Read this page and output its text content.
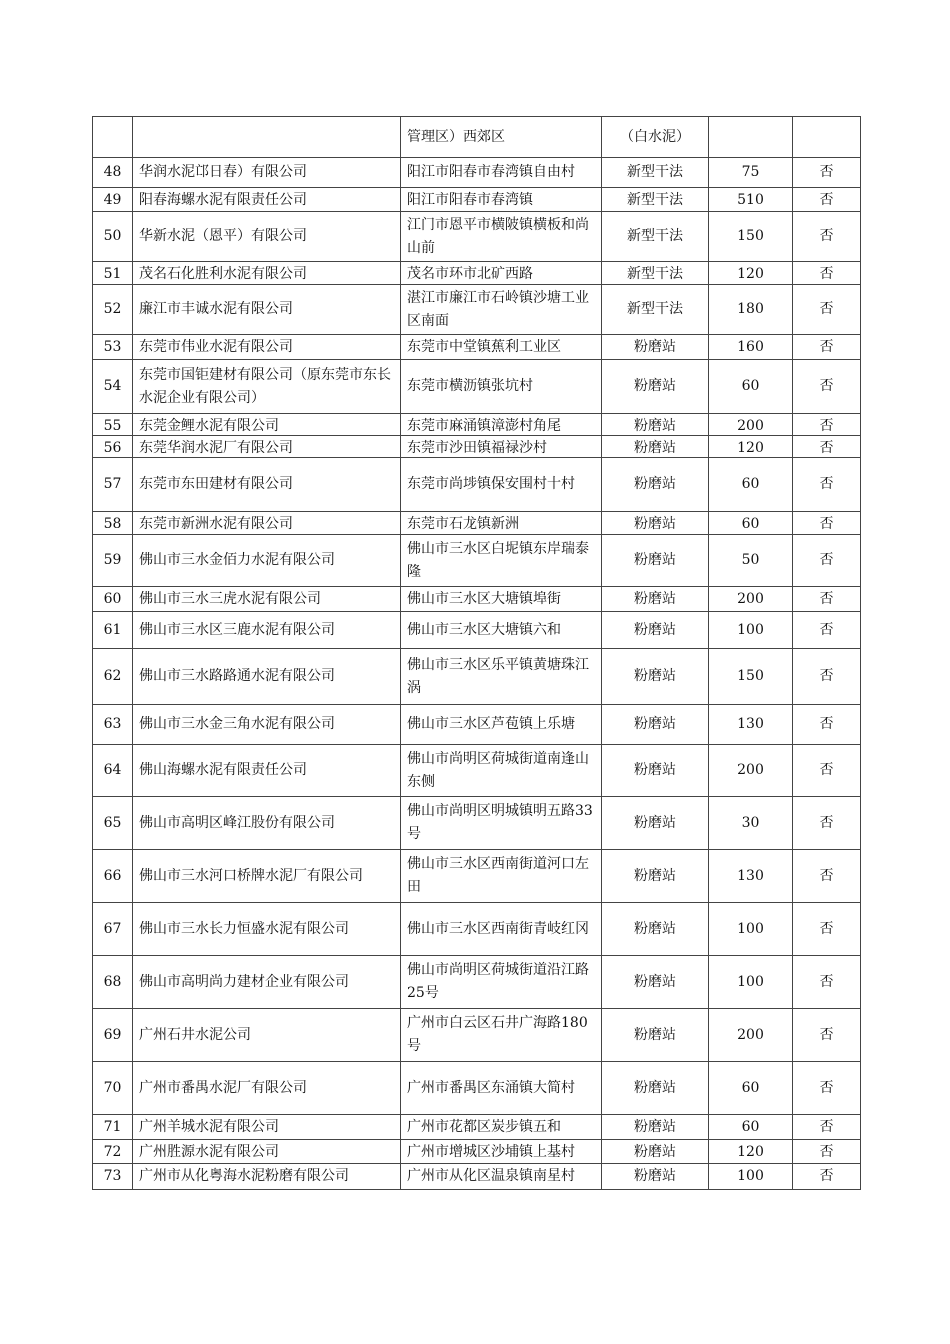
		管理区）西郊区	（白水泥）		

48	华润水泥邙日春）有限公司	阳江市阳春市春湾镇自由村	新型干法	75	否

49	阳春海螺水泥有限责任公司	阳江市阳春市春湾镇	新型干法	510	否

50	华新水泥（恩平）有限公司	江门市恩平市横陂镇横板和尚山前	新型干法	150	否

51	茂名石化胜利水泥有限公司	茂名市环市北矿西路	新型干法	120	否

52	廉江市丰诚水泥有限公司	湛江市廉江市石岭镇沙塘工业区南面	新型干法	180	否

53	东莞市伟业水泥有限公司	东莞市中堂镇蕉利工业区	粉磨站	160	否

54	东莞市国钜建材有限公司（原东莞市东长水泥企业有限公司）	东莞市横沥镇张坑村	粉磨站	60	否

55	东莞金鲤水泥有限公司	东莞市麻涌镇漳澎村角尾	粉磨站	200	否

56	东莞华润水泥厂有限公司	东莞市沙田镇福禄沙村	粉磨站	120	否

57	东莞市东田建材有限公司	东莞市尚埗镇保安围村十村	粉磨站	60	否

58	东莞市新洲水泥有限公司	东莞市石龙镇新洲	粉磨站	60	否

59	佛山市三水金佰力水泥有限公司	佛山市三水区白坭镇东岸瑞泰隆	粉磨站	50	否

60	佛山市三水三虎水泥有限公司	佛山市三水区大塘镇埠街	粉磨站	200	否

61	佛山市三水区三鹿水泥有限公司	佛山市三水区大塘镇六和	粉磨站	100	否

62	佛山市三水路路通水泥有限公司	佛山市三水区乐平镇黄塘珠江涡	粉磨站	150	否

63	佛山市三水金三角水泥有限公司	佛山市三水区芦苞镇上乐塘	粉磨站	130	否

64	佛山海螺水泥有限责任公司	佛山市尚明区荷城街道南逢山东侧	粉磨站	200	否

65	佛山市高明区峰江股份有限公司	佛山市尚明区明城镇明五路33号	粉磨站	30	否

66	佛山市三水河口桥牌水泥厂有限公司	佛山市三水区西南街道河口左田	粉磨站	130	否

67	佛山市三水长力恒盛水泥有限公司	佛山市三水区西南街青岐红冈	粉磨站	100	否

68	佛山市高明尚力建材企业有限公司	佛山市尚明区荷城街道沿江路25号	粉磨站	100	否

69	广州石井水泥公司	广州市白云区石井广海路180号	粉磨站	200	否

70	广州市番禺水泥厂有限公司	广州市番禺区东涌镇大简村	粉磨站	60	否

71	广州羊城水泥有限公司	广州市花都区炭步镇五和	粉磨站	60	否

72	广州胜源水泥有限公司	广州市增城区沙埔镇上基村	粉磨站	120	否

73	广州市从化粤海水泥粉磨有限公司	广州市从化区温泉镇南星村	粉磨站	100	否
